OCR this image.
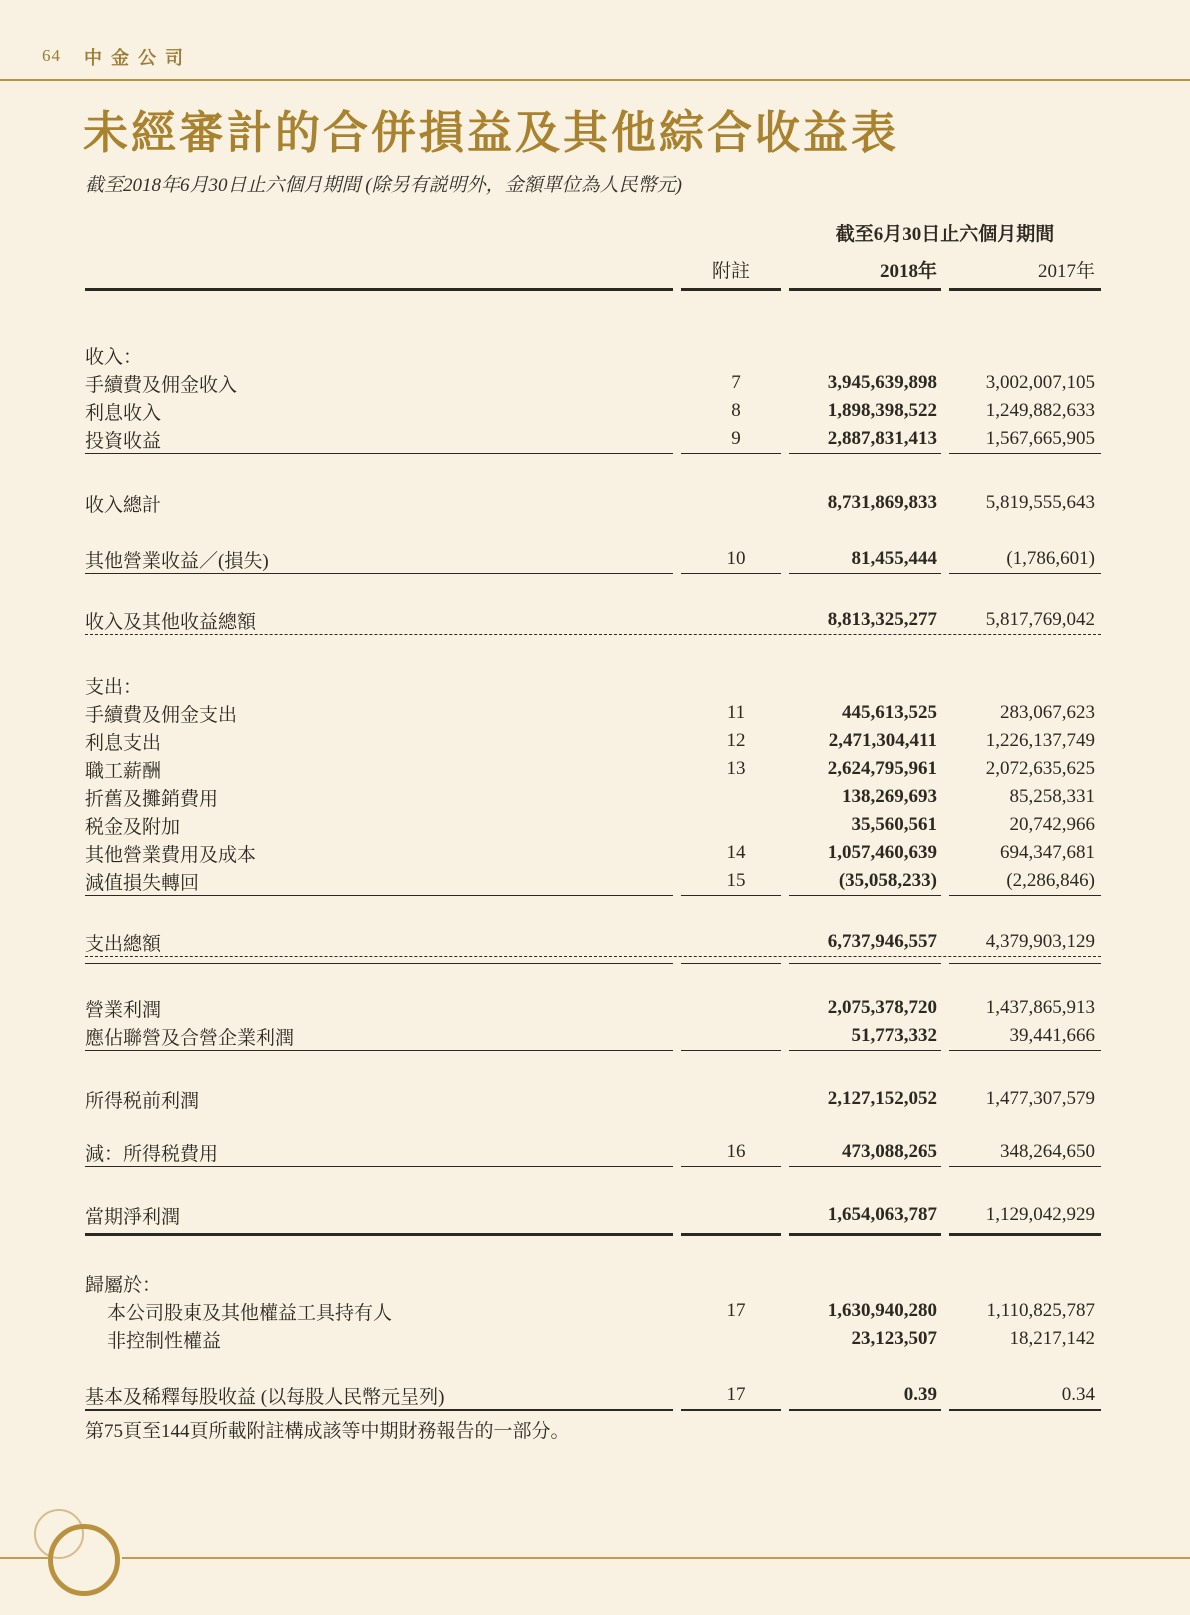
64 中金公司
未經審計的合併損益及其他綜合收益表
截至2018年6月30日止六個月期間 (除另有説明外，金額單位為人民幣元)
		截至6月30日止六個月期間	
	附註	2018年	2017年

收入：			
手續費及佣金收入	7	3,945,639,898	3,002,007,105
利息收入	8	1,898,398,522	1,249,882,633
投資收益	9	2,887,831,413	1,567,665,905

收入總計		8,731,869,833	5,819,555,643

其他營業收益／(損失)	10	81,455,444	(1,786,601)

收入及其他收益總額		8,813,325,277	5,817,769,042

支出：			
手續費及佣金支出	11	445,613,525	283,067,623
利息支出	12	2,471,304,411	1,226,137,749
職工薪酬	13	2,624,795,961	2,072,635,625
折舊及攤銷費用		138,269,693	85,258,331
税金及附加		35,560,561	20,742,966
其他營業費用及成本	14	1,057,460,639	694,347,681
減值損失轉回	15	(35,058,233)	(2,286,846)

支出總額		6,737,946,557	4,379,903,129

營業利潤		2,075,378,720	1,437,865,913
應佔聯營及合營企業利潤		51,773,332	39,441,666

所得税前利潤		2,127,152,052	1,477,307,579

減：所得税費用	16	473,088,265	348,264,650

當期淨利潤		1,654,063,787	1,129,042,929

歸屬於：			
本公司股東及其他權益工具持有人	17	1,630,940,280	1,110,825,787
非控制性權益		23,123,507	18,217,142

基本及稀釋每股收益 (以每股人民幣元呈列)	17	0.39	0.34

第75頁至144頁所載附註構成該等中期財務報告的一部分。
